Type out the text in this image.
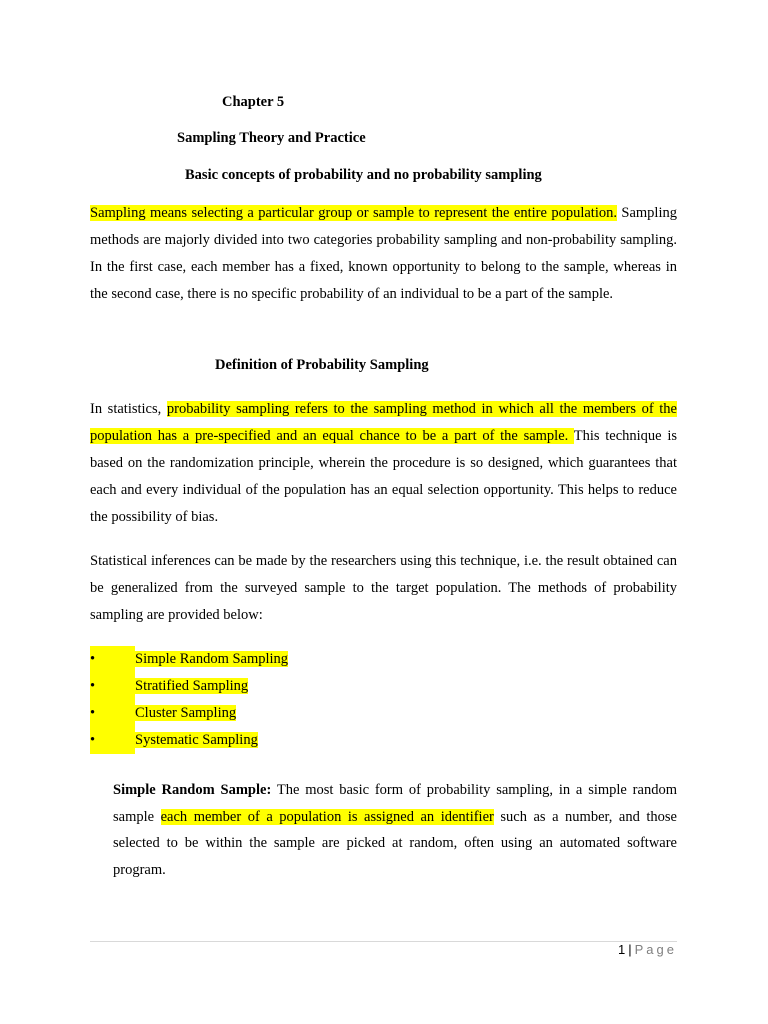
Chapter 5
Sampling Theory and Practice
Basic concepts of probability and no probability sampling

Sampling means selecting a particular group or sample to represent the entire population. Sampling methods are majorly divided into two categories probability sampling and non-probability sampling. In the first case, each member has a fixed, known opportunity to belong to the sample, whereas in the second case, there is no specific probability of an individual to be a part of the sample.

Definition of Probability Sampling

In statistics, probability sampling refers to the sampling method in which all the members of the population has a pre-specified and an equal chance to be a part of the sample. This technique is based on the randomization principle, wherein the procedure is so designed, which guarantees that each and every individual of the population has an equal selection opportunity. This helps to reduce the possibility of bias.

Statistical inferences can be made by the researchers using this technique, i.e. the result obtained can be generalized from the surveyed sample to the target population. The methods of probability sampling are provided below:

•	Simple Random Sampling
•	Stratified Sampling
•	Cluster Sampling
•	Systematic Sampling

Simple Random Sample: The most basic form of probability sampling, in a simple random sample each member of a population is assigned an identifier such as a number, and those selected to be within the sample are picked at random, often using an automated software program.

1 | Page
